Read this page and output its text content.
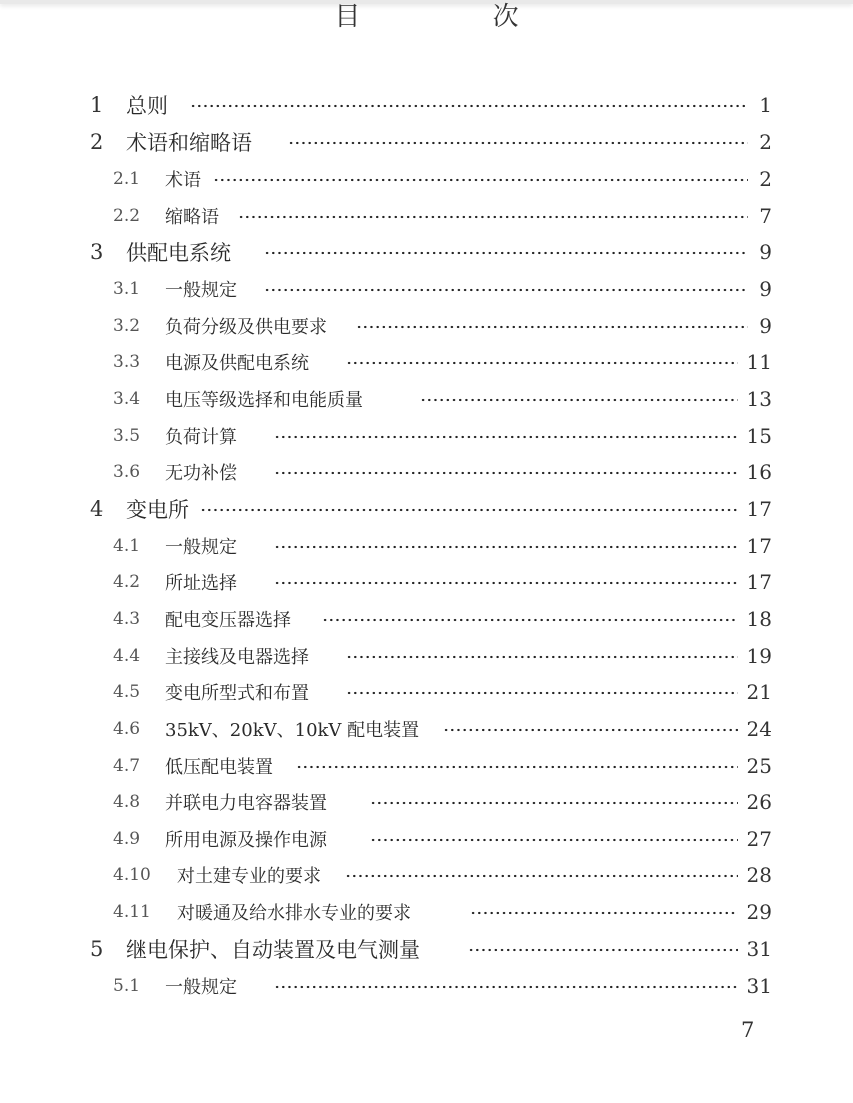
目 次
1 总则	1
2 术语和缩略语	2
2.1 术语	2
2.2 缩略语	7
3 供配电系统	9
3.1 一般规定	9
3.2 负荷分级及供电要求	9
3.3 电源及供配电系统	11
3.4 电压等级选择和电能质量	13
3.5 负荷计算	15
3.6 无功补偿	16
4 变电所	17
4.1 一般规定	17
4.2 所址选择	17
4.3 配电变压器选择	18
4.4 主接线及电器选择	19
4.5 变电所型式和布置	21
4.6 35kV、20kV、10kV 配电装置	24
4.7 低压配电装置	25
4.8 并联电力电容器装置	26
4.9 所用电源及操作电源	27
4.10 对土建专业的要求	28
4.11 对暖通及给水排水专业的要求	29
5 继电保护、自动装置及电气测量	31
5.1 一般规定	31
7
